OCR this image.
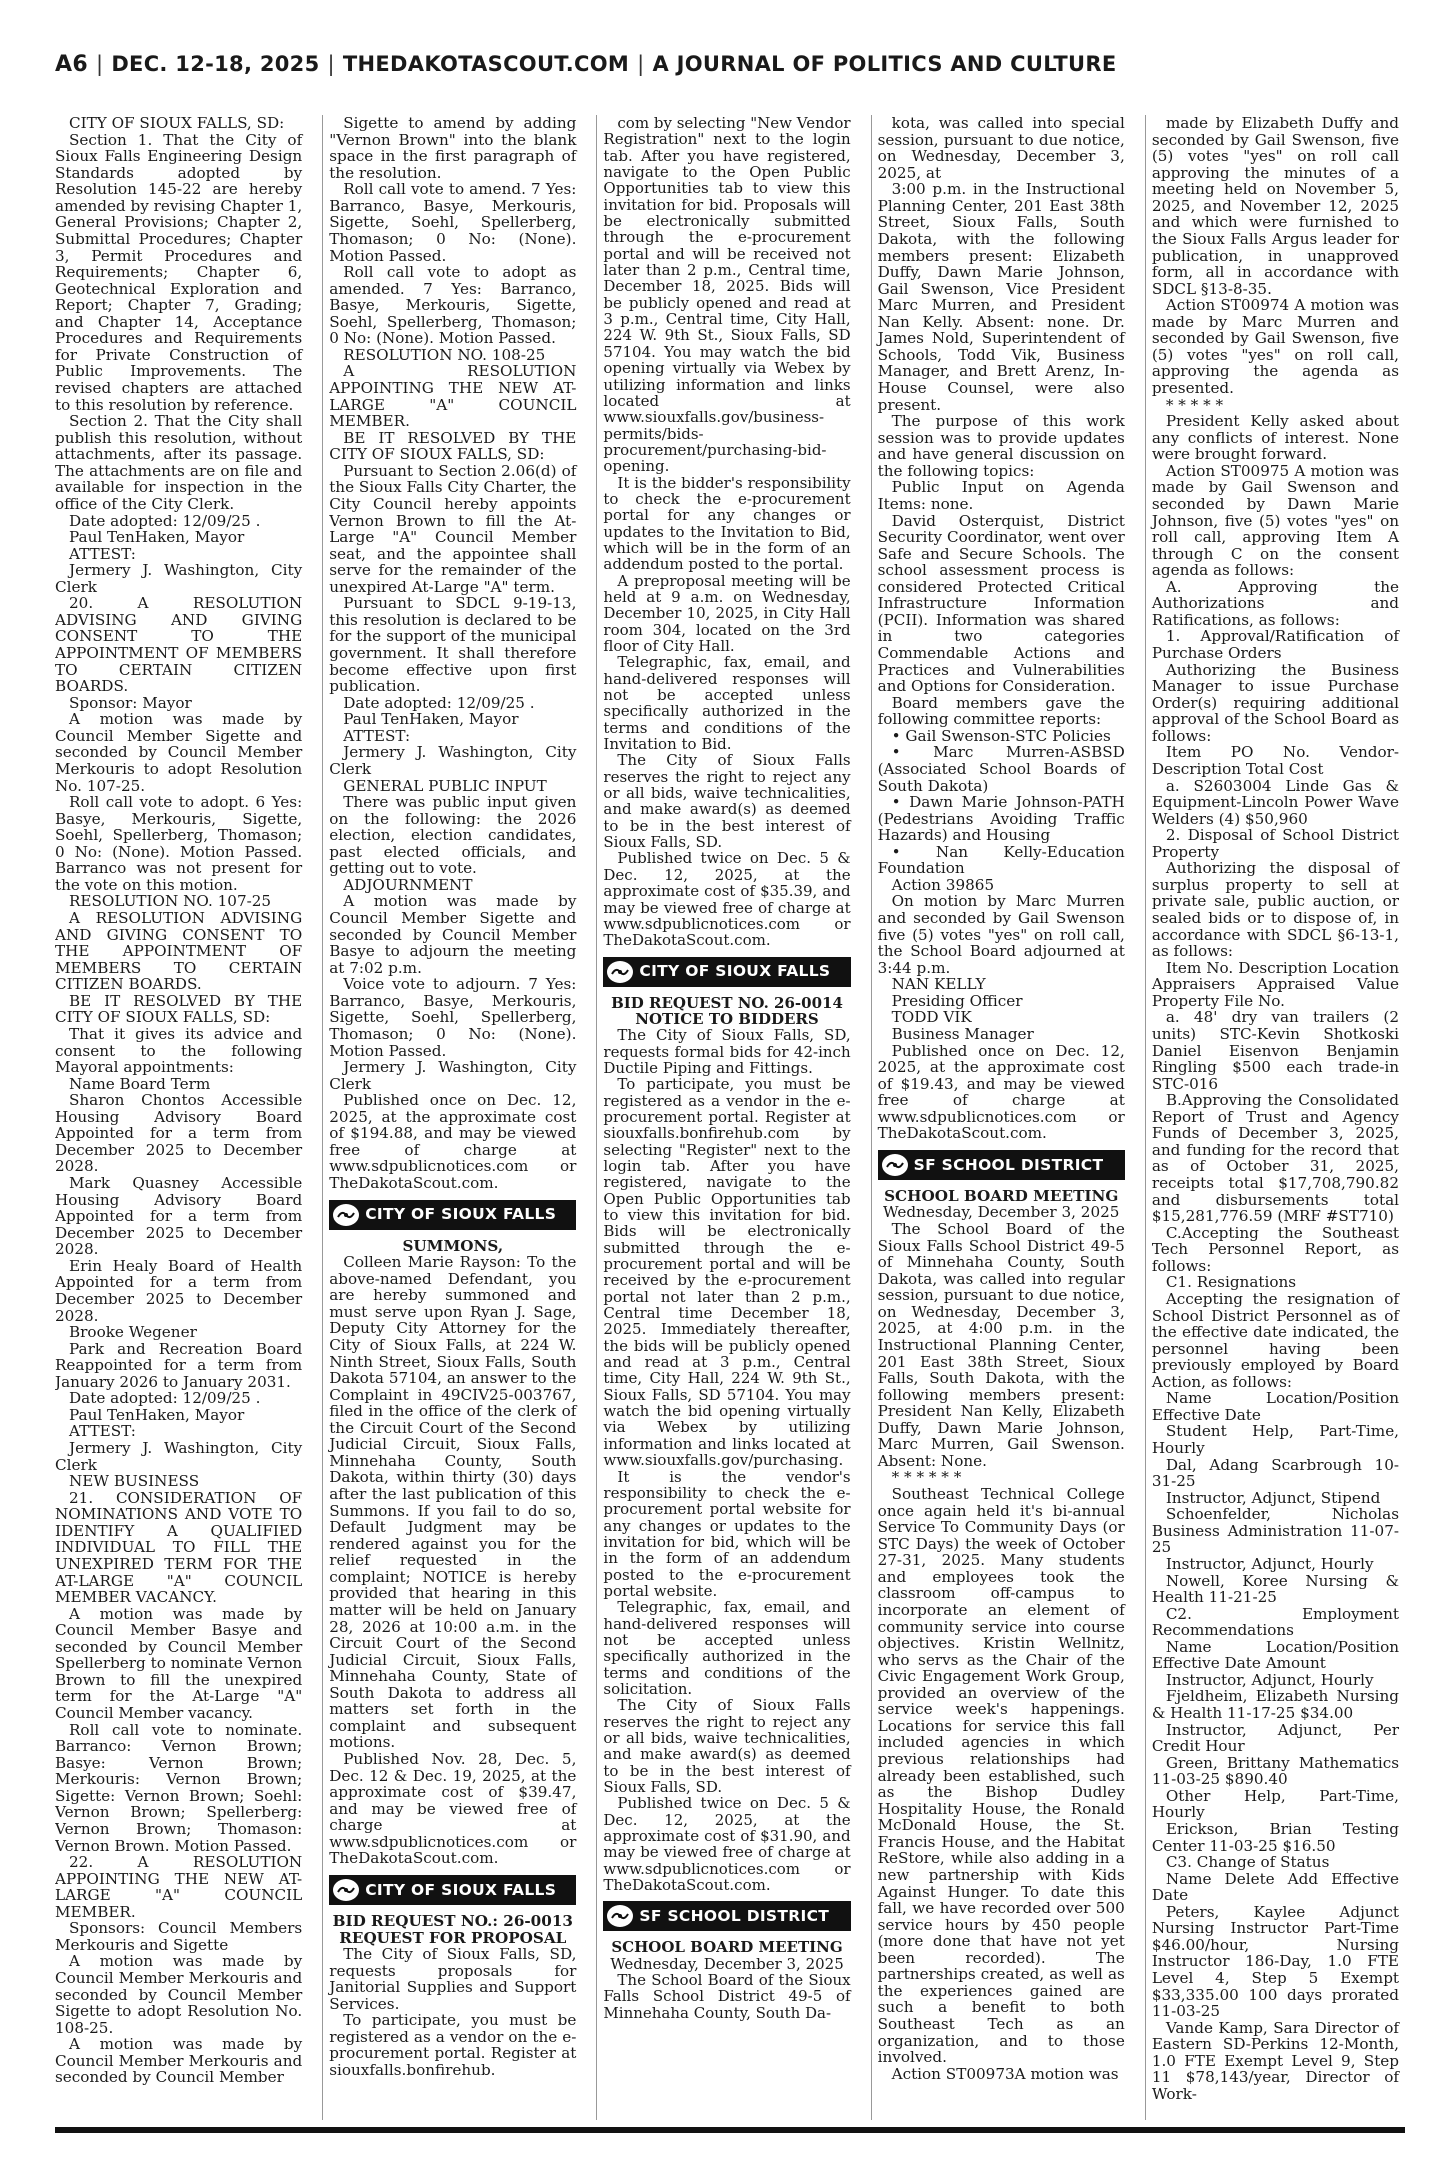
A6 | DEC. 12-18, 2025 | THEDAKOTASCOUT.COM | A JOURNAL OF POLITICS AND CULTURE

CITY OF SIOUX FALLS, SD:

Section 1. That the City of Sioux Falls Engineering Design Standards adopted by Resolution 145-22 are hereby amended by revising Chapter 1, General Provisions; Chapter 2, Submittal Procedures; Chapter 3, Permit Procedures and Requirements; Chapter 6, Geotechnical Exploration and Report; Chapter 7, Grading; and Chapter 14, Acceptance Procedures and Requirements for Private Construction of Public Improvements. The revised chapters are attached to this resolution by reference.

Section 2. That the City shall publish this resolution, without attachments, after its passage. The attachments are on file and available for inspection in the office of the City Clerk.

Date adopted: 12/09/25 .

Paul TenHaken, Mayor

ATTEST:

Jermery J. Washington, City Clerk

20. A RESOLUTION ADVISING AND GIVING CONSENT TO THE APPOINTMENT OF MEMBERS TO CERTAIN CITIZEN BOARDS.

Sponsor: Mayor

A motion was made by Council Member Sigette and seconded by Council Member Merkouris to adopt Resolution No. 107-25.

Roll call vote to adopt. 6 Yes: Basye, Merkouris, Sigette, Soehl, Spellerberg, Thomason; 0 No: (None). Motion Passed. Barranco was not present for the vote on this motion.

RESOLUTION NO. 107-25

A RESOLUTION ADVISING AND GIVING CONSENT TO THE APPOINTMENT OF MEMBERS TO CERTAIN CITIZEN BOARDS.

BE IT RESOLVED BY THE CITY OF SIOUX FALLS, SD:

That it gives its advice and consent to the following Mayoral appointments:

Name Board Term

Sharon Chontos Accessible Housing Advisory Board Appointed for a term from December 2025 to December 2028.

Mark Quasney Accessible Housing Advisory Board Appointed for a term from December 2025 to December 2028.

Erin Healy Board of Health Appointed for a term from December 2025 to December 2028.

Brooke Wegener

Park and Recreation Board Reappointed for a term from January 2026 to January 2031.

Date adopted: 12/09/25 .

Paul TenHaken, Mayor

ATTEST:

Jermery J. Washington, City Clerk

NEW BUSINESS

21. CONSIDERATION OF NOMINATIONS AND VOTE TO IDENTIFY A QUALIFIED INDIVIDUAL TO FILL THE UNEXPIRED TERM FOR THE AT-LARGE "A" COUNCIL MEMBER VACANCY.

A motion was made by Council Member Basye and seconded by Council Member Spellerberg to nominate Vernon Brown to fill the unexpired term for the At-Large "A" Council Member vacancy.

Roll call vote to nominate. Barranco: Vernon Brown; Basye: Vernon Brown; Merkouris: Vernon Brown; Sigette: Vernon Brown; Soehl: Vernon Brown; Spellerberg: Vernon Brown; Thomason: Vernon Brown. Motion Passed.

22. A RESOLUTION APPOINTING THE NEW AT-LARGE "A" COUNCIL MEMBER.

Sponsors: Council Members Merkouris and Sigette

A motion was made by Council Member Merkouris and seconded by Council Member Sigette to adopt Resolution No. 108-25.

A motion was made by Council Member Merkouris and seconded by Council Member

Sigette to amend by adding "Vernon Brown" into the blank space in the first paragraph of the resolution.

Roll call vote to amend. 7 Yes: Barranco, Basye, Merkouris, Sigette, Soehl, Spellerberg, Thomason; 0 No: (None). Motion Passed.

Roll call vote to adopt as amended. 7 Yes: Barranco, Basye, Merkouris, Sigette, Soehl, Spellerberg, Thomason; 0 No: (None). Motion Passed.

RESOLUTION NO. 108-25

A RESOLUTION APPOINTING THE NEW AT-LARGE "A" COUNCIL MEMBER.

BE IT RESOLVED BY THE CITY OF SIOUX FALLS, SD:

Pursuant to Section 2.06(d) of the Sioux Falls City Charter, the City Council hereby appoints Vernon Brown to fill the At-Large "A" Council Member seat, and the appointee shall serve for the remainder of the unexpired At-Large "A" term.

Pursuant to SDCL 9-19-13, this resolution is declared to be for the support of the municipal government. It shall therefore become effective upon first publication.

Date adopted: 12/09/25 .

Paul TenHaken, Mayor

ATTEST:

Jermery J. Washington, City Clerk

GENERAL PUBLIC INPUT

There was public input given on the following: the 2026 election, election candidates, past elected officials, and getting out to vote.

ADJOURNMENT

A motion was made by Council Member Sigette and seconded by Council Member Basye to adjourn the meeting at 7:02 p.m.

Voice vote to adjourn. 7 Yes: Barranco, Basye, Merkouris, Sigette, Soehl, Spellerberg, Thomason; 0 No: (None). Motion Passed.

Jermery J. Washington, City Clerk

Published once on Dec. 12, 2025, at the approximate cost of $194.88, and may be viewed free of charge at www.sdpublicnotices.com or TheDakotaScout.com.

CITY OF SIOUX FALLS

SUMMONS,

Colleen Marie Rayson: To the above-named Defendant, you are hereby summoned and must serve upon Ryan J. Sage, Deputy City Attorney for the City of Sioux Falls, at 224 W. Ninth Street, Sioux Falls, South Dakota 57104, an answer to the Complaint in 49CIV25-003767, filed in the office of the clerk of the Circuit Court of the Second Judicial Circuit, Sioux Falls, Minnehaha County, South Dakota, within thirty (30) days after the last publication of this Summons. If you fail to do so, Default Judgment may be rendered against you for the relief requested in the complaint; NOTICE is hereby provided that hearing in this matter will be held on January 28, 2026 at 10:00 a.m. in the Circuit Court of the Second Judicial Circuit, Sioux Falls, Minnehaha County, State of South Dakota to address all matters set forth in the complaint and subsequent motions.

Published Nov. 28, Dec. 5, Dec. 12 & Dec. 19, 2025, at the approximate cost of $39.47, and may be viewed free of charge at www.sdpublicnotices.com or TheDakotaScout.com.

CITY OF SIOUX FALLS

BID REQUEST NO.: 26-0013

REQUEST FOR PROPOSAL

The City of Sioux Falls, SD, requests proposals for Janitorial Supplies and Support Services.

To participate, you must be registered as a vendor on the e-procurement portal. Register at siouxfalls.bonfirehub.

com by selecting "New Vendor Registration" next to the login tab. After you have registered, navigate to the Open Public Opportunities tab to view this invitation for bid. Proposals will be electronically submitted through the e-procurement portal and will be received not later than 2 p.m., Central time, December 18, 2025. Bids will be publicly opened and read at 3 p.m., Central time, City Hall, 224 W. 9th St., Sioux Falls, SD 57104. You may watch the bid opening virtually via Webex by utilizing information and links located at www.siouxfalls.gov/business-permits/bids-procurement/purchasing-bid-opening.

It is the bidder's responsibility to check the e-procurement portal for any changes or updates to the Invitation to Bid, which will be in the form of an addendum posted to the portal.

A preproposal meeting will be held at 9 a.m. on Wednesday, December 10, 2025, in City Hall room 304, located on the 3rd floor of City Hall.

Telegraphic, fax, email, and hand-delivered responses will not be accepted unless specifically authorized in the terms and conditions of the Invitation to Bid.

The City of Sioux Falls reserves the right to reject any or all bids, waive technicalities, and make award(s) as deemed to be in the best interest of Sioux Falls, SD.

Published twice on Dec. 5 & Dec. 12, 2025, at the approximate cost of $35.39, and may be viewed free of charge at www.sdpublicnotices.com or TheDakotaScout.com.

CITY OF SIOUX FALLS

BID REQUEST NO. 26-0014

NOTICE TO BIDDERS

The City of Sioux Falls, SD, requests formal bids for 42-inch Ductile Piping and Fittings.

To participate, you must be registered as a vendor in the e-procurement portal. Register at siouxfalls.bonfirehub.com by selecting "Register" next to the login tab. After you have registered, navigate to the Open Public Opportunities tab to view this invitation for bid. Bids will be electronically submitted through the e-procurement portal and will be received by the e-procurement portal not later than 2 p.m., Central time December 18, 2025. Immediately thereafter, the bids will be publicly opened and read at 3 p.m., Central time, City Hall, 224 W. 9th St., Sioux Falls, SD 57104. You may watch the bid opening virtually via Webex by utilizing information and links located at www.siouxfalls.gov/purchasing.

It is the vendor's responsibility to check the e-procurement portal website for any changes or updates to the invitation for bid, which will be in the form of an addendum posted to the e-procurement portal website.

Telegraphic, fax, email, and hand-delivered responses will not be accepted unless specifically authorized in the terms and conditions of the solicitation.

The City of Sioux Falls reserves the right to reject any or all bids, waive technicalities, and make award(s) as deemed to be in the best interest of Sioux Falls, SD.

Published twice on Dec. 5 & Dec. 12, 2025, at the approximate cost of $31.90, and may be viewed free of charge at www.sdpublicnotices.com or TheDakotaScout.com.

SF SCHOOL DISTRICT

SCHOOL BOARD MEETING

Wednesday, December 3, 2025

The School Board of the Sioux Falls School District 49-5 of Minnehaha County, South Da-

kota, was called into special session, pursuant to due notice, on Wednesday, December 3, 2025, at

3:00 p.m. in the Instructional Planning Center, 201 East 38th Street, Sioux Falls, South Dakota, with the following members present: Elizabeth Duffy, Dawn Marie Johnson, Gail Swenson, Vice President Marc Murren, and President Nan Kelly. Absent: none. Dr. James Nold, Superintendent of Schools, Todd Vik, Business Manager, and Brett Arenz, In-House Counsel, were also present.

The purpose of this work session was to provide updates and have general discussion on the following topics:

Public Input on Agenda Items: none.

David Osterquist, District Security Coordinator, went over Safe and Secure Schools. The school assessment process is considered Protected Critical Infrastructure Information (PCII). Information was shared in two categories Commendable Actions and Practices and Vulnerabilities and Options for Consideration.

Board members gave the following committee reports:

• Gail Swenson-STC Policies

• Marc Murren-ASBSD (Associated School Boards of South Dakota)

• Dawn Marie Johnson-PATH (Pedestrians Avoiding Traffic Hazards) and Housing

• Nan Kelly-Education Foundation

Action 39865

On motion by Marc Murren and seconded by Gail Swenson five (5) votes "yes" on roll call, the School Board adjourned at 3:44 p.m.

NAN KELLY

Presiding Officer

TODD VIK

Business Manager

Published once on Dec. 12, 2025, at the approximate cost of $19.43, and may be viewed free of charge at www.sdpublicnotices.com or TheDakotaScout.com.

SF SCHOOL DISTRICT

SCHOOL BOARD MEETING

Wednesday, December 3, 2025

The School Board of the Sioux Falls School District 49-5 of Minnehaha County, South Dakota, was called into regular session, pursuant to due notice, on Wednesday, December 3, 2025, at 4:00 p.m. in the Instructional Planning Center, 201 East 38th Street, Sioux Falls, South Dakota, with the following members present: President Nan Kelly, Elizabeth Duffy, Dawn Marie Johnson, Marc Murren, Gail Swenson. Absent: None.

* * * * * *

Southeast Technical College once again held it's bi-annual Service To Community Days (or STC Days) the week of October 27-31, 2025. Many students and employees took the classroom off-campus to incorporate an element of community service into course objectives. Kristin Wellnitz, who servs as the Chair of the Civic Engagement Work Group, provided an overview of the service week's happenings. Locations for service this fall included agencies in which previous relationships had already been established, such as the Bishop Dudley Hospitality House, the Ronald McDonald House, the St. Francis House, and the Habitat ReStore, while also adding in a new partnership with Kids Against Hunger. To date this fall, we have recorded over 500 service hours by 450 people (more done that have not yet been recorded). The partnerships created, as well as the experiences gained are such a benefit to both Southeast Tech as an organization, and to those involved.

Action ST00973A motion was

made by Elizabeth Duffy and seconded by Gail Swenson, five (5) votes "yes" on roll call approving the minutes of a meeting held on November 5, 2025, and November 12, 2025 and which were furnished to the Sioux Falls Argus leader for publication, in unapproved form, all in accordance with SDCL §13-8-35.

Action ST00974 A motion was made by Marc Murren and seconded by Gail Swenson, five (5) votes "yes" on roll call, approving the agenda as presented.

* * * * *

President Kelly asked about any conflicts of interest. None were brought forward.

Action ST00975 A motion was made by Gail Swenson and seconded by Dawn Marie Johnson, five (5) votes "yes" on roll call, approving Item A through C on the consent agenda as follows:

A. Approving the Authorizations and Ratifications, as follows:

1. Approval/Ratification of Purchase Orders

Authorizing the Business Manager to issue Purchase Order(s) requiring additional approval of the School Board as follows:

Item PO No. Vendor-Description Total Cost

a. S2603004 Linde Gas & Equipment-Lincoln Power Wave Welders (4) $50,960

2. Disposal of School District Property

Authorizing the disposal of surplus property to sell at private sale, public auction, or sealed bids or to dispose of, in accordance with SDCL §6-13-1, as follows:

Item No. Description Location Appraisers Appraised Value Property File No.

a. 48' dry van trailers (2 units) STC-Kevin Shotkoski Daniel Eisenvon Benjamin Ringling $500 each trade-in STC-016

B.Approving the Consolidated Report of Trust and Agency Funds of December 3, 2025, and funding for the record that as of October 31, 2025, receipts total $17,708,790.82 and disbursements total $15,281,776.59 (MRF #ST710)

C.Accepting the Southeast Tech Personnel Report, as follows:

C1. Resignations

Accepting the resignation of School District Personnel as of the effective date indicated, the personnel having been previously employed by Board Action, as follows:

Name Location/Position Effective Date

Student Help, Part-Time, Hourly

Dal, Adang Scarbrough 10-31-25

Instructor, Adjunct, Stipend

Schoenfelder, Nicholas Business Administration 11-07-25

Instructor, Adjunct, Hourly

Nowell, Koree Nursing & Health 11-21-25

C2. Employment Recommendations

Name Location/Position Effective Date Amount

Instructor, Adjunct, Hourly

Fjeldheim, Elizabeth Nursing & Health 11-17-25 $34.00

Instructor, Adjunct, Per Credit Hour

Green, Brittany Mathematics 11-03-25 $890.40

Other Help, Part-Time, Hourly

Erickson, Brian Testing Center 11-03-25 $16.50

C3. Change of Status

Name Delete Add Effective Date

Peters, Kaylee Adjunct Nursing Instructor Part-Time $46.00/hour, Nursing Instructor 186-Day, 1.0 FTE Level 4, Step 5 Exempt $33,335.00 100 days prorated 11-03-25

Vande Kamp, Sara Director of Eastern SD-Perkins 12-Month, 1.0 FTE Exempt Level 9, Step 11 $78,143/year, Director of Work-
